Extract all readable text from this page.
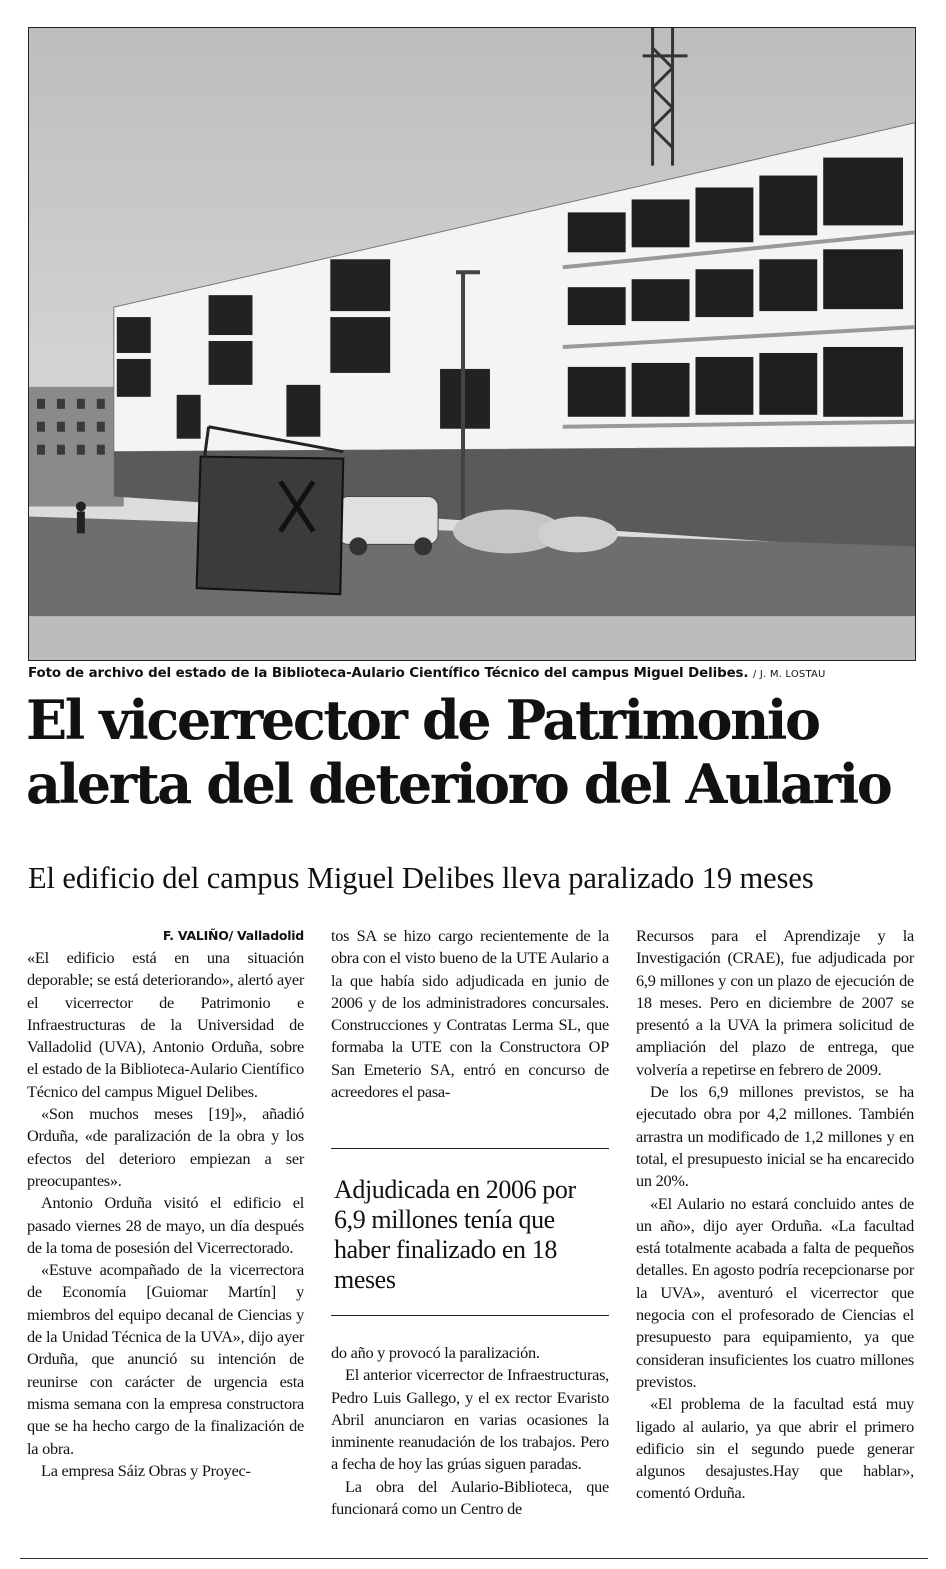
Foto de archivo del estado de la Biblioteca-Aulario Científico Técnico del campus Miguel Delibes. / J. M. LOSTAU
El vicerrector de Patrimonio
alerta del deterioro del Aulario

El edificio del campus Miguel Delibes lleva paralizado 19 meses

F. VALIÑO/ Valladolid

«El edificio está en una situación deporable; se está deteriorando», alertó ayer el vicerrector de Patrimonio e Infraestructuras de la Universidad de Valladolid (UVA), Antonio Orduña, sobre el estado de la Biblioteca-Aulario Científico Técnico del campus Miguel Delibes.

«Son muchos meses [19]», añadió Orduña, «de paralización de la obra y los efectos del deterioro empiezan a ser preocupantes».

Antonio Orduña visitó el edificio el pasado viernes 28 de mayo, un día después de la toma de posesión del Vicerrectorado.

«Estuve acompañado de la vicerrectora de Economía [Guiomar Martín] y miembros del equipo decanal de Ciencias y de la Unidad Técnica de la UVA», dijo ayer Orduña, que anunció su intención de reunirse con carácter de urgencia esta misma semana con la empresa constructora que se ha hecho cargo de la finalización de la obra.

La empresa Sáiz Obras y Proyec-

tos SA se hizo cargo recientemente de la obra con el visto bueno de la UTE Aulario a la que había sido adjudicada en junio de 2006 y de los administradores concursales. Construcciones y Contratas Lerma SL, que formaba la UTE con la Constructora OP San Emeterio SA, entró en concurso de acreedores el pasa-

Adjudicada en 2006 por 6,9 millones tenía que haber finalizado en 18 meses

do año y provocó la paralización.

El anterior vicerrector de Infraestructuras, Pedro Luis Gallego, y el ex rector Evaristo Abril anunciaron en varias ocasiones la inminente reanudación de los trabajos. Pero a fecha de hoy las grúas siguen paradas.

La obra del Aulario-Biblioteca, que funcionará como un Centro de

Recursos para el Aprendizaje y la Investigación (CRAE), fue adjudicada por 6,9 millones y con un plazo de ejecución de 18 meses. Pero en diciembre de 2007 se presentó a la UVA la primera solicitud de ampliación del plazo de entrega, que volvería a repetirse en febrero de 2009.

De los 6,9 millones previstos, se ha ejecutado obra por 4,2 millones. También arrastra un modificado de 1,2 millones y en total, el presupuesto inicial se ha encarecido un 20%.

«El Aulario no estará concluido antes de un año», dijo ayer Orduña. «La facultad está totalmente acabada a falta de pequeños detalles. En agosto podría recepcionarse por la UVA», aventuró el vicerrector que negocia con el profesorado de Ciencias el presupuesto para equipamiento, ya que consideran insuficientes los cuatro millones previstos.

«El problema de la facultad está muy ligado al aulario, ya que abrir el primero edificio sin el segundo puede generar algunos desajustes.Hay que hablar», comentó Orduña.
